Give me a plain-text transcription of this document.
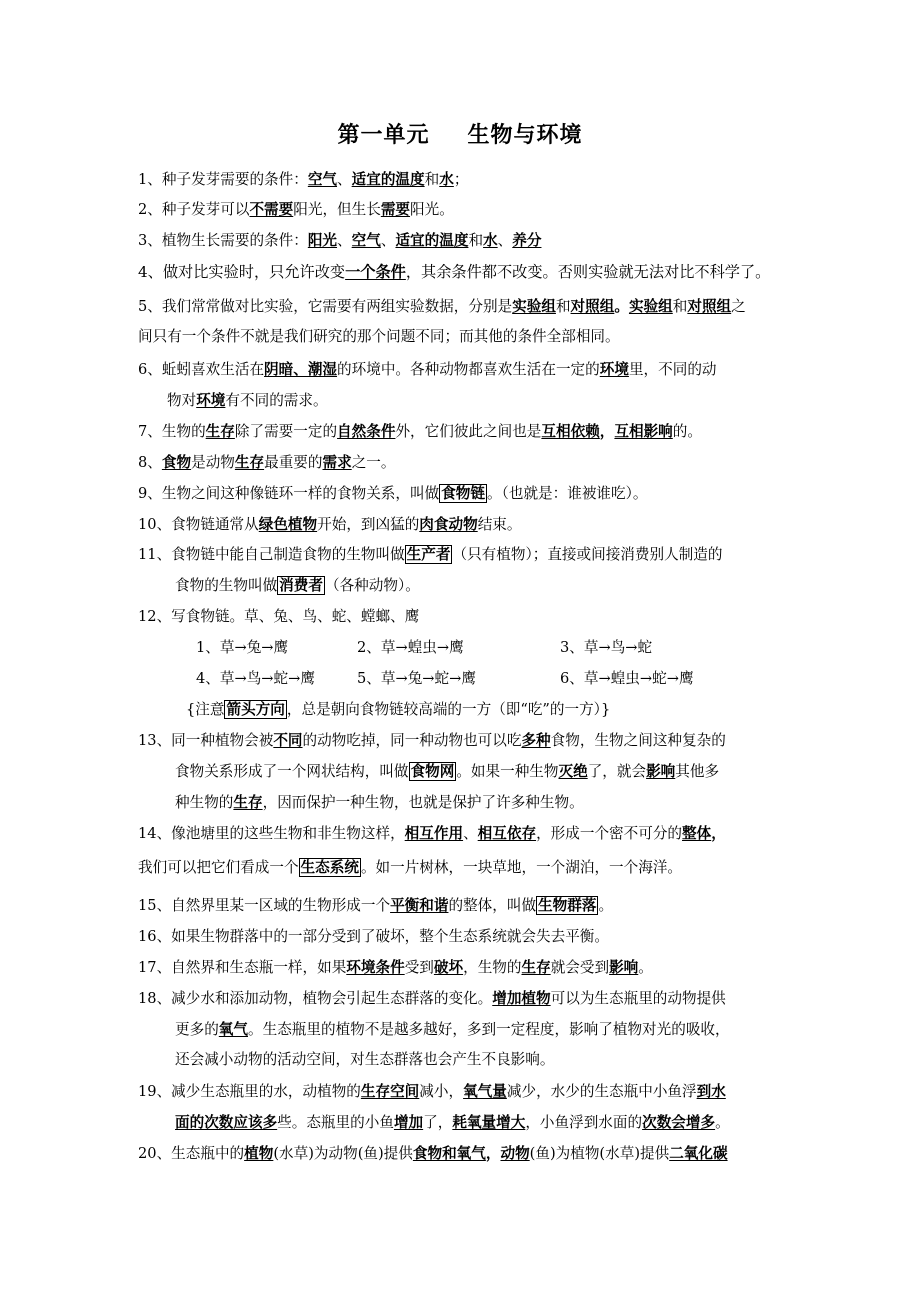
第一单元 生物与环境
1、种子发芽需要的条件：空气、适宜的温度和水；
2、种子发芽可以不需要阳光，但生长需要阳光。
3、植物生长需要的条件：阳光、空气、适宜的温度和水、养分
4、做对比实验时，只允许改变一个条件，其余条件都不改变。否则实验就无法对比不科学了。
5、我们常常做对比实验，它需要有两组实验数据，分别是实验组和对照组。实验组和对照组之
间只有一个条件不就是我们研究的那个问题不同；而其他的条件全部相同。
6、蚯蚓喜欢生活在阴暗、潮湿的环境中。各种动物都喜欢生活在一定的环境里，不同的动
物对环境有不同的需求。
7、生物的生存除了需要一定的自然条件外，它们彼此之间也是互相依赖，互相影响的。
8、食物是动物生存最重要的需求之一。
9、生物之间这种像链环一样的食物关系，叫做 食物链 。（也就是：谁被谁吃）。
10、食物链通常从绿色植物开始，到凶猛的肉食动物结束。
11、食物链中能自己制造食物的生物叫做 生产者 （只有植物）；直接或间接消费别人制造的
食物的生物叫做 消费者 （各种动物）。
12、写食物链。草、兔、鸟、蛇、螳螂、鹰
1、草→兔→鹰	2、草→蝗虫→鹰	3、草→鸟→蛇
4、草→鸟→蛇→鹰	5、草→兔→蛇→鹰	6、草→蝗虫→蛇→鹰
{注意 箭头方向 ，总是朝向食物链较高端的一方（即“吃”的一方）}
13、同一种植物会被不同的动物吃掉，同一种动物也可以吃多种食物，生物之间这种复杂的
食物关系形成了一个网状结构，叫做 食物网 。如果一种生物灭绝了，就会影响其他多
种生物的生存，因而保护一种生物，也就是保护了许多种生物。
14、像池塘里的这些生物和非生物这样，相互作用、相互依存，形成一个密不可分的整体，
我们可以把它们看成一个 生态系统 。如一片树林，一块草地，一个湖泊，一个海洋。
15、自然界里某一区域的生物形成一个平衡和谐的整体，叫做 生物群落 。
16、如果生物群落中的一部分受到了破坏，整个生态系统就会失去平衡。
17、自然界和生态瓶一样，如果环境条件受到破坏，生物的生存就会受到影响。
18、减少水和添加动物，植物会引起生态群落的变化。增加植物可以为生态瓶里的动物提供
更多的氧气。生态瓶里的植物不是越多越好，多到一定程度，影响了植物对光的吸收，
还会减小动物的活动空间，对生态群落也会产生不良影响。
19、减少生态瓶里的水，动植物的生存空间减小，氧气量减少，水少的生态瓶中小鱼浮到水
面的次数应该多些。态瓶里的小鱼增加了，耗氧量增大，小鱼浮到水面的次数会增多。
20、生态瓶中的植物(水草)为动物(鱼)提供食物和氧气，动物(鱼)为植物(水草)提供二氧化碳
